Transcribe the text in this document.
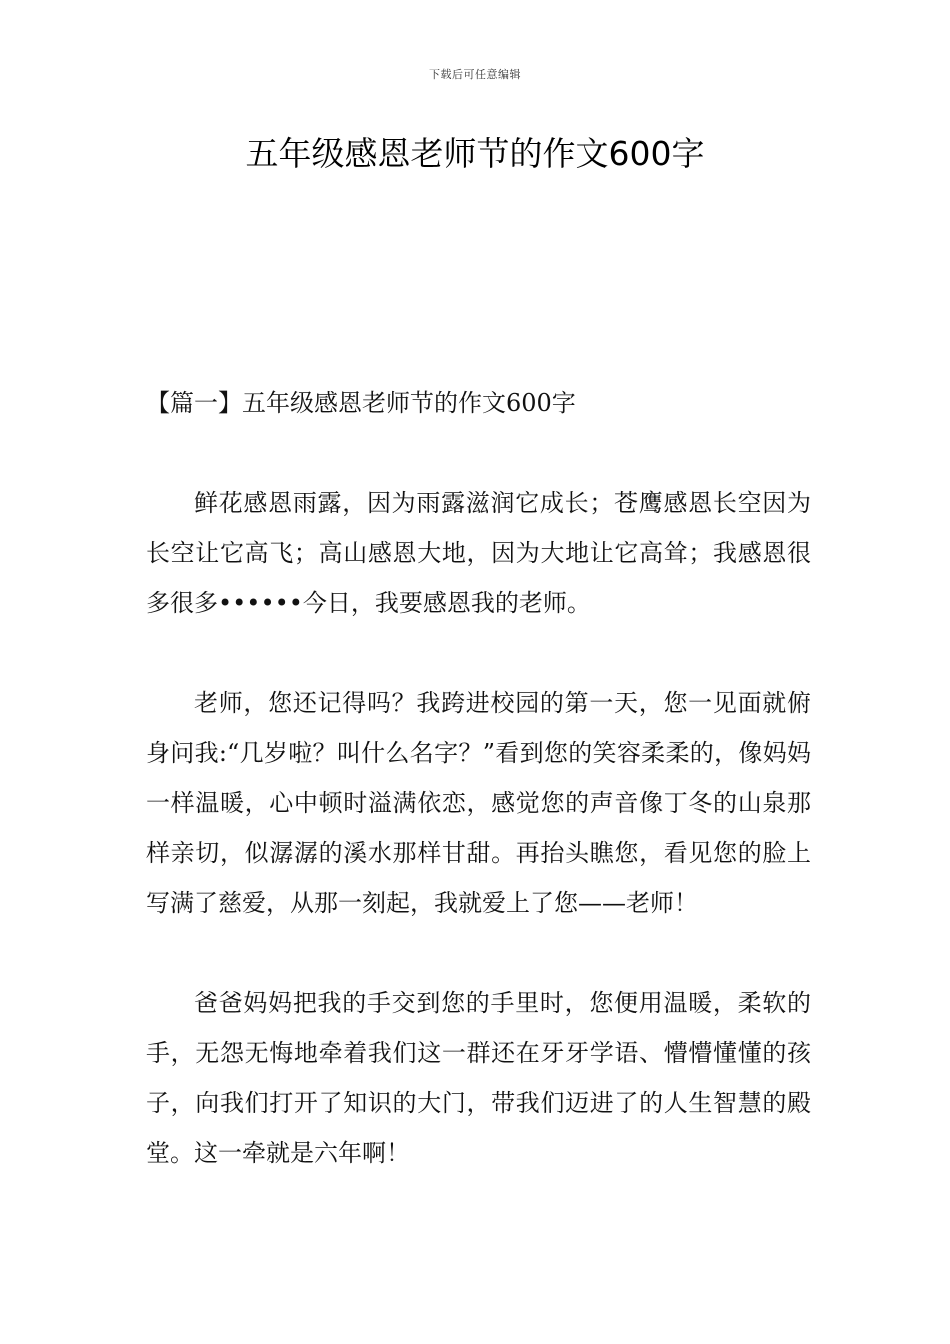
下载后可任意编辑
五年级感恩老师节的作文600字

【篇一】五年级感恩老师节的作文600字

鲜花感恩雨露，因为雨露滋润它成长；苍鹰感恩长空因为长空让它高飞；高山感恩大地，因为大地让它高耸；我感恩很多很多••••••今日，我要感恩我的老师。

老师，您还记得吗？我跨进校园的第一天，您一见面就俯身问我:“几岁啦？叫什么名字？”看到您的笑容柔柔的，像妈妈一样温暖，心中顿时溢满依恋，感觉您的声音像丁冬的山泉那样亲切，似潺潺的溪水那样甘甜。再抬头瞧您，看见您的脸上写满了慈爱，从那一刻起，我就爱上了您——老师！

爸爸妈妈把我的手交到您的手里时，您便用温暖，柔软的手，无怨无悔地牵着我们这一群还在牙牙学语、懵懵懂懂的孩子，向我们打开了知识的大门，带我们迈进了的人生智慧的殿堂。这一牵就是六年啊！
